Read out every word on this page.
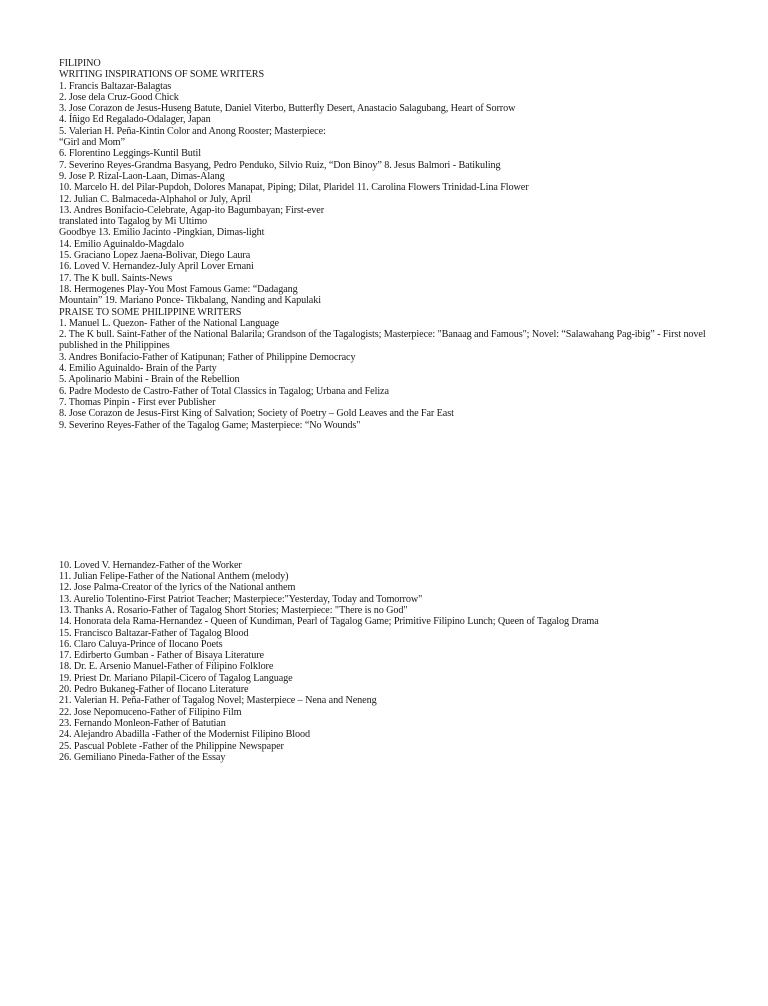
FILIPINO
WRITING INSPIRATIONS OF SOME WRITERS
1. Francis Baltazar-Balagtas
2. Jose dela Cruz-Good Chick
3. Jose Corazon de Jesus-Huseng Batute, Daniel Viterbo, Butterfly Desert, Anastacio Salagubang, Heart of Sorrow
4. Íñigo Ed Regalado-Odalager, Japan
5. Valerian H. Peña-Kintin Color and Anong Rooster; Masterpiece:
“Girl and Mom”
6. Florentino Leggings-Kuntil Butil
7. Severino Reyes-Grandma Basyang, Pedro Penduko, Silvio Ruiz, “Don Binoy” 8. Jesus Balmori - Batikuling
9. Jose P. Rizal-Laon-Laan, Dimas-Alang
10. Marcelo H. del Pilar-Pupdoh, Dolores Manapat, Piping; Dilat, Plaridel 11. Carolina Flowers Trinidad-Lina Flower
12. Julian C. Balmaceda-Alphahol or July, April
13. Andres Bonifacio-Celebrate, Agap-ito Bagumbayan; First-ever
translated into Tagalog by Mi Ultimo
Goodbye 13. Emilio Jacinto -Pingkian, Dimas-light
14. Emilio Aguinaldo-Magdalo
15. Graciano Lopez Jaena-Bolivar, Diego Laura
16. Loved V. Hernandez-July April Lover Ernani
17. The K bull. Saints-News
18. Hermogenes Play-You Most Famous Game: “Dadagang
Mountain” 19. Mariano Ponce- Tikbalang, Nanding and Kapulaki
PRAISE TO SOME PHILIPPINE WRITERS
1. Manuel L. Quezon- Father of the National Language
2. The K bull. Saint-Father of the National Balarila; Grandson of the Tagalogists; Masterpiece: "Banaag and Famous"; Novel: “Salawahang Pag-ibig” - First novel
published in the Philippines
3. Andres Bonifacio-Father of Katipunan; Father of Philippine Democracy
4. Emilio Aguinaldo- Brain of the Party
5. Apolinario Mabini - Brain of the Rebellion
6. Padre Modesto de Castro-Father of Total Classics in Tagalog; Urbana and Feliza
7. Thomas Pinpin - First ever Publisher
8. Jose Corazon de Jesus-First King of Salvation; Society of Poetry – Gold Leaves and the Far East
9. Severino Reyes-Father of the Tagalog Game; Masterpiece: “No Wounds"
10. Loved V. Hernandez-Father of the Worker
11. Julian Felipe-Father of the National Anthem (melody)
12. Jose Palma-Creator of the lyrics of the National anthem
13. Aurelio Tolentino-First Patriot Teacher; Masterpiece:"Yesterday, Today and Tomorrow"
13. Thanks A. Rosario-Father of Tagalog Short Stories; Masterpiece: "There is no God"
14. Honorata dela Rama-Hernandez - Queen of Kundiman, Pearl of Tagalog Game; Primitive Filipino Lunch; Queen of Tagalog Drama
15. Francisco Baltazar-Father of Tagalog Blood
16. Claro Caluya-Prince of Ilocano Poets
17. Edirberto Gumban - Father of Bisaya Literature
18. Dr. E. Arsenio Manuel-Father of Filipino Folklore
19. Priest Dr. Mariano Pilapil-Cicero of Tagalog Language
20. Pedro Bukaneg-Father of Ilocano Literature
21. Valerian H. Peña-Father of Tagalog Novel; Masterpiece – Nena and Neneng
22. Jose Nepomuceno-Father of Filipino Film
23. Fernando Monleon-Father of Batutian
24. Alejandro Abadilla -Father of the Modernist Filipino Blood
25. Pascual Poblete -Father of the Philippine Newspaper
26. Gemiliano Pineda-Father of the Essay
